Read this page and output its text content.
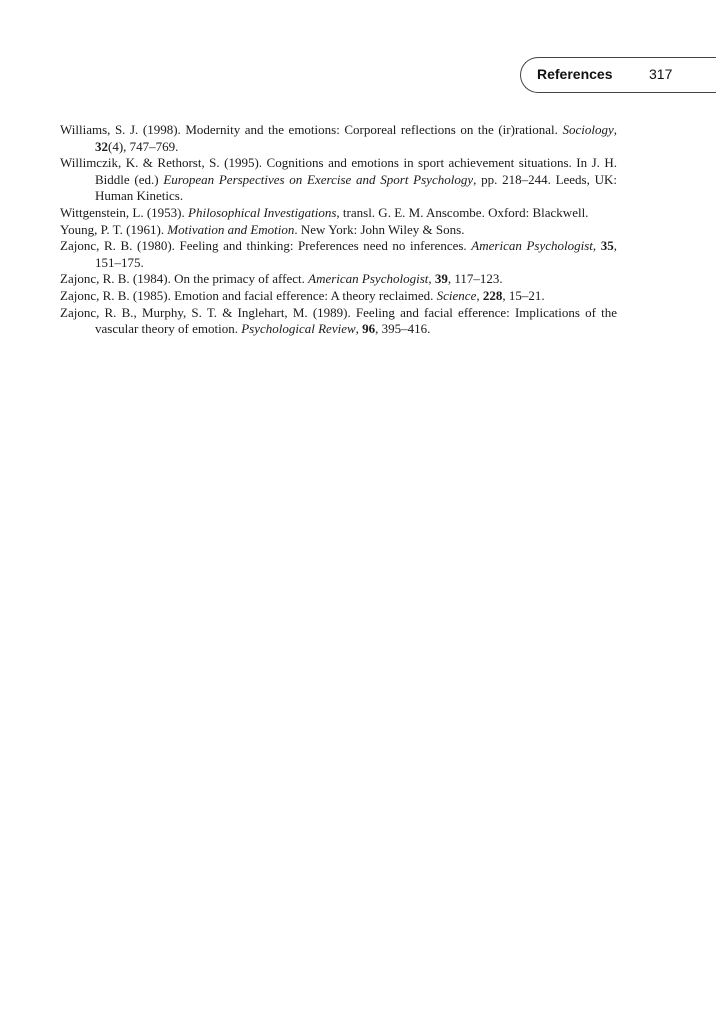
References	317
Williams, S. J. (1998). Modernity and the emotions: Corporeal reflections on the (ir)rational. Sociology, 32(4), 747–769.
Willimczik, K. & Rethorst, S. (1995). Cognitions and emotions in sport achievement situations. In J. H. Biddle (ed.) European Perspectives on Exercise and Sport Psychology, pp. 218–244. Leeds, UK: Human Kinetics.
Wittgenstein, L. (1953). Philosophical Investigations, transl. G. E. M. Anscombe. Oxford: Blackwell.
Young, P. T. (1961). Motivation and Emotion. New York: John Wiley & Sons.
Zajonc, R. B. (1980). Feeling and thinking: Preferences need no inferences. American Psychologist, 35, 151–175.
Zajonc, R. B. (1984). On the primacy of affect. American Psychologist, 39, 117–123.
Zajonc, R. B. (1985). Emotion and facial efference: A theory reclaimed. Science, 228, 15–21.
Zajonc, R. B., Murphy, S. T. & Inglehart, M. (1989). Feeling and facial efference: Implications of the vascular theory of emotion. Psychological Review, 96, 395–416.
